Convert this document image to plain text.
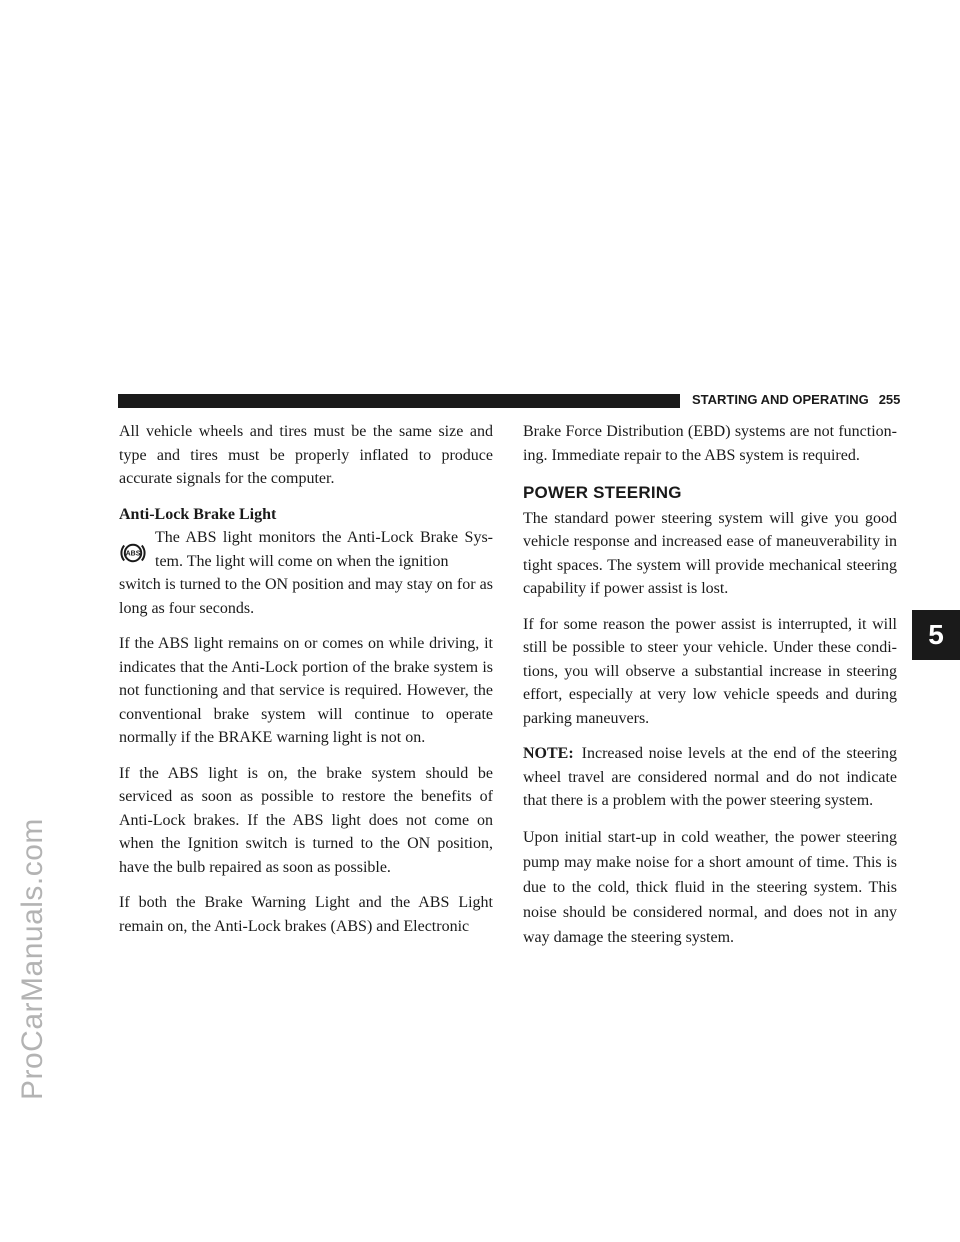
ProCarManuals.com
STARTING AND OPERATING 255
5

All vehicle wheels and tires must be the same size and type and tires must be properly inflated to produce accurate signals for the computer.

Anti-Lock Brake Light
ABS
The ABS light monitors the Anti-Lock Brake Sys- tem. The light will come on when the ignition

switch is turned to the ON position and may stay on for as long as four seconds.

If the ABS light remains on or comes on while driving, it indicates that the Anti-Lock portion of the brake system is not functioning and that service is required. However, the conventional brake system will continue to operate normally if the BRAKE warning light is not on.

If the ABS light is on, the brake system should be serviced as soon as possible to restore the benefits of Anti-Lock brakes. If the ABS light does not come on when the Ignition switch is turned to the ON position, have the bulb repaired as soon as possible.

If both the Brake Warning Light and the ABS Light remain on, the Anti-Lock brakes (ABS) and Electronic

Brake Force Distribution (EBD) systems are not function- ing. Immediate repair to the ABS system is required.

POWER STEERING

The standard power steering system will give you good vehicle response and increased ease of maneuverability in tight spaces. The system will provide mechanical steering capability if power assist is lost.

If for some reason the power assist is interrupted, it will still be possible to steer your vehicle. Under these condi- tions, you will observe a substantial increase in steering effort, especially at very low vehicle speeds and during parking maneuvers.

NOTE: Increased noise levels at the end of the steering wheel travel are considered normal and do not indicate that there is a problem with the power steering system.

Upon initial start-up in cold weather, the power steering pump may make noise for a short amount of time. This is due to the cold, thick fluid in the steering system. This noise should be considered normal, and does not in any way damage the steering system.
